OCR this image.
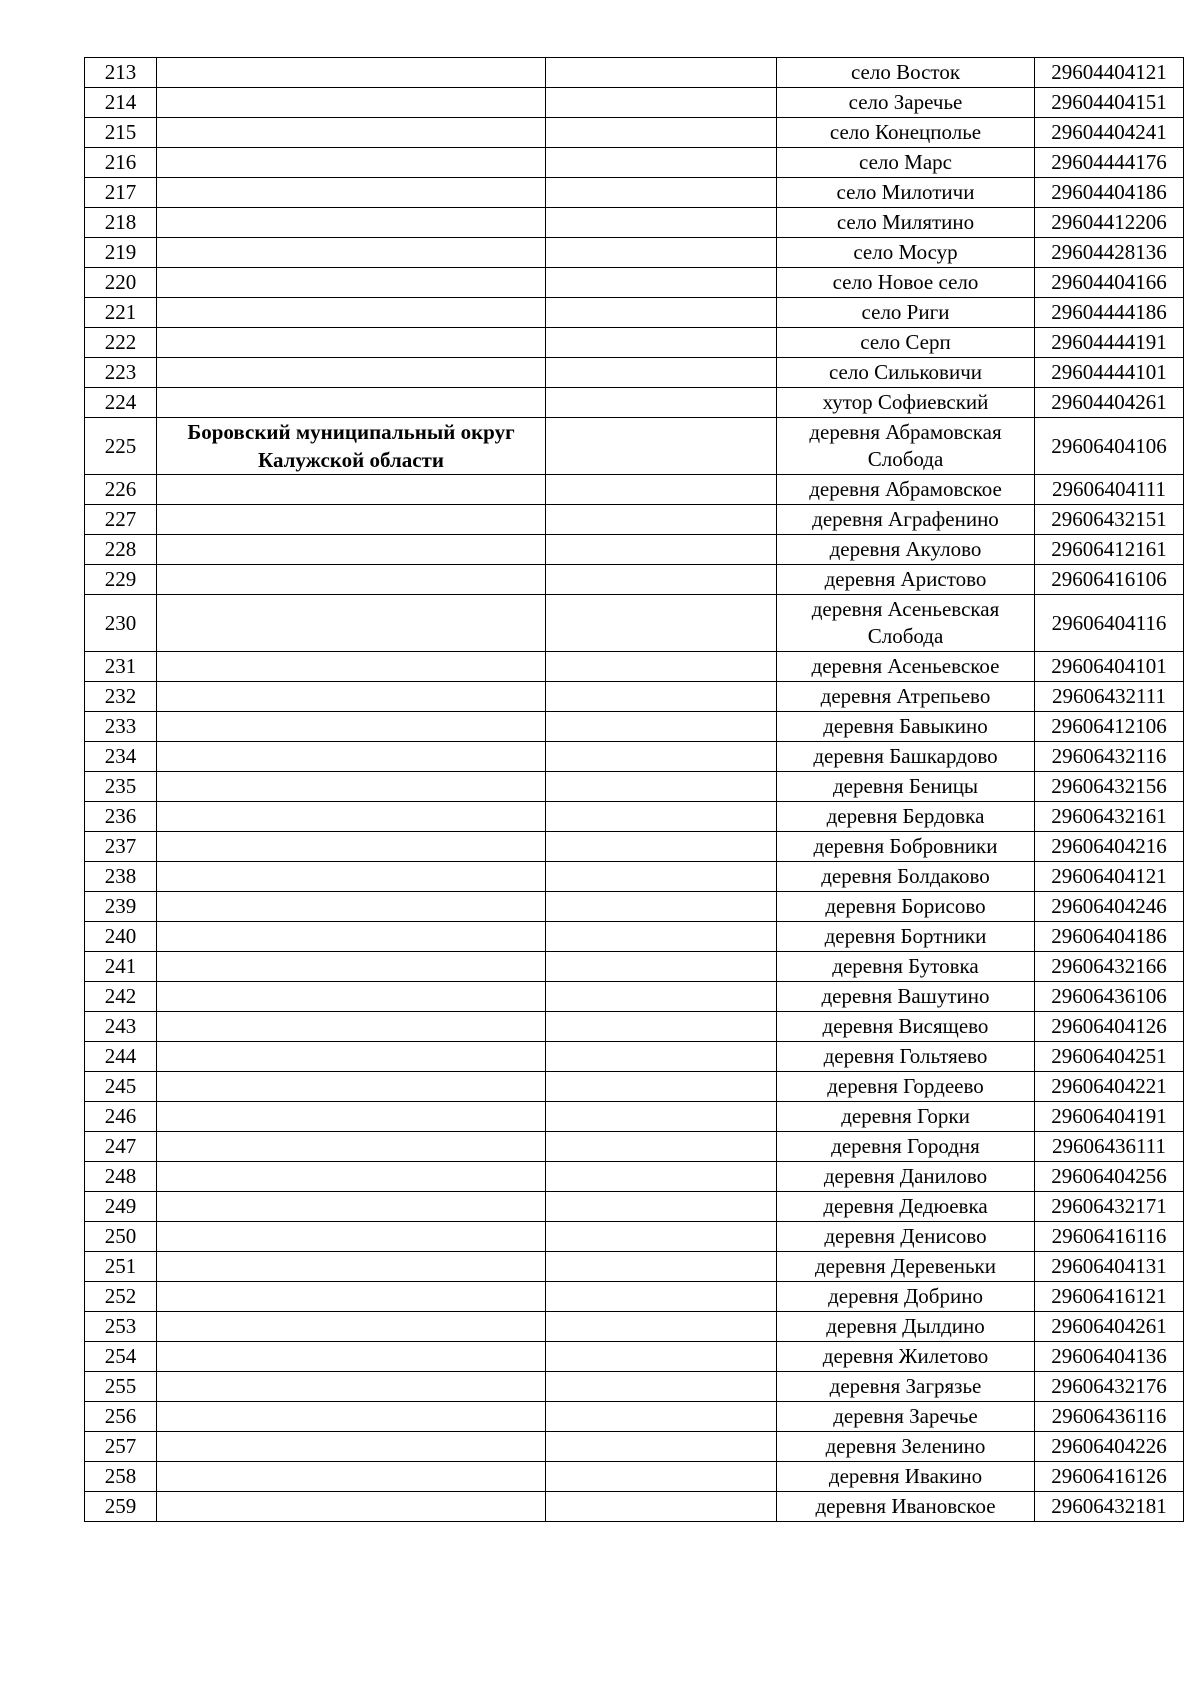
213			село Восток	29604404121
214			село Заречье	29604404151
215			село Конецполье	29604404241
216			село Марс	29604444176
217			село Милотичи	29604404186
218			село Милятино	29604412206
219			село Мосур	29604428136
220			село Новое село	29604404166
221			село Риги	29604444186
222			село Серп	29604444191
223			село Сильковичи	29604444101
224			хутор Софиевский	29604404261
225	Боровский муниципальный округ Калужской области		деревня Абрамовская Слобода	29606404106
226			деревня Абрамовское	29606404111
227			деревня Аграфенино	29606432151
228			деревня Акулово	29606412161
229			деревня Аристово	29606416106
230			деревня Асеньевская Слобода	29606404116
231			деревня Асеньевское	29606404101
232			деревня Атрепьево	29606432111
233			деревня Бавыкино	29606412106
234			деревня Башкардово	29606432116
235			деревня Беницы	29606432156
236			деревня Бердовка	29606432161
237			деревня Бобровники	29606404216
238			деревня Болдаково	29606404121
239			деревня Борисово	29606404246
240			деревня Бортники	29606404186
241			деревня Бутовка	29606432166
242			деревня Вашутино	29606436106
243			деревня Висящево	29606404126
244			деревня Гольтяево	29606404251
245			деревня Гордеево	29606404221
246			деревня Горки	29606404191
247			деревня Городня	29606436111
248			деревня Данилово	29606404256
249			деревня Дедюевка	29606432171
250			деревня Денисово	29606416116
251			деревня Деревеньки	29606404131
252			деревня Добрино	29606416121
253			деревня Дылдино	29606404261
254			деревня Жилетово	29606404136
255			деревня Загрязье	29606432176
256			деревня Заречье	29606436116
257			деревня Зеленино	29606404226
258			деревня Ивакино	29606416126
259			деревня Ивановское	29606432181
